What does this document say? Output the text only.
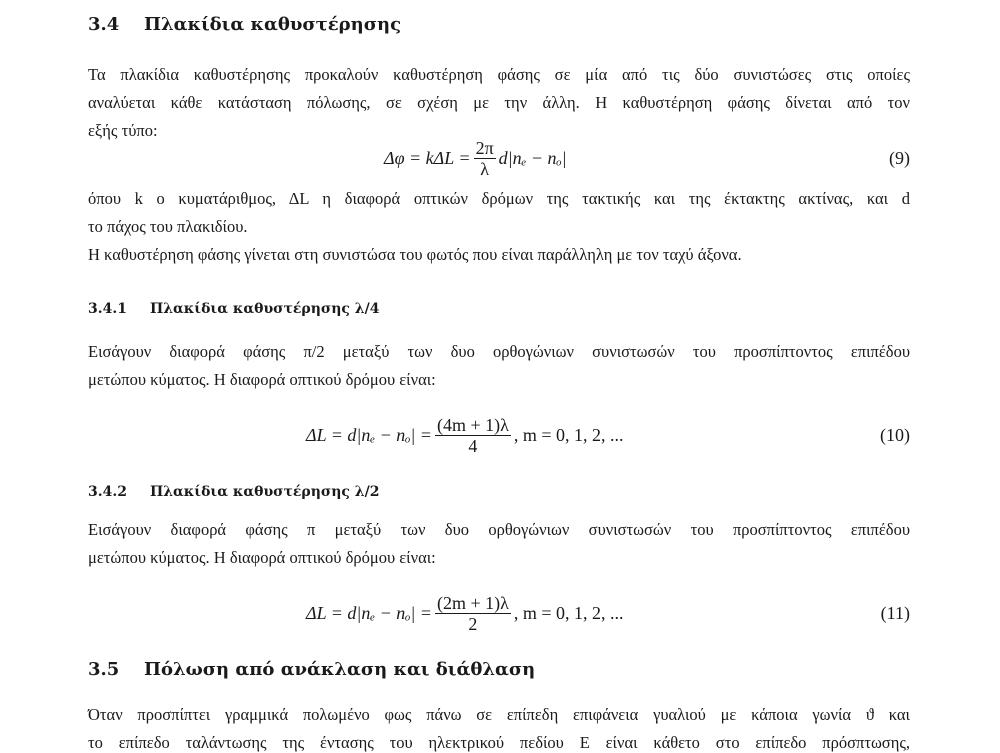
3.4 Πλακίδια καθυστέρησης
Τα πλακίδια καθυστέρησης προκαλούν καθυστέρηση φάσης σε μία από τις δύο συνιστώσες στις οποίες
αναλύεται κάθε κατάσταση πόλωσης, σε σχέση με την άλλη. Η καθυστέρηση φάσης δίνεται από τον
εξής τύπο:
$\Delta\varphi = k\Delta L = \frac{2\pi}{\lambda} d|n_e - n_o|$	(9)
όπου k ο κυματάριθμος, ΔL η διαφορά οπτικών δρόμων της τακτικής και της έκτακτης ακτίνας, και d
το πάχος του πλακιδίου.
Η καθυστέρηση φάσης γίνεται στη συνιστώσα του φωτός που είναι παράλληλη με τον ταχύ άξονα.
3.4.1 Πλακίδια καθυστέρησης λ/4
Εισάγουν διαφορά φάσης π/2 μεταξύ των δυο ορθογώνιων συνιστωσών του προσπίπτοντος επιπέδου
μετώπου κύματος. Η διαφορά οπτικού δρόμου είναι:
$\Delta L = d|n_e - n_o| = \frac{(4m + 1)\lambda}{4}$ , m = 0, 1, 2, ...	(10)
3.4.2 Πλακίδια καθυστέρησης λ/2
Εισάγουν διαφορά φάσης π μεταξύ των δυο ορθογώνιων συνιστωσών του προσπίπτοντος επιπέδου
μετώπου κύματος. Η διαφορά οπτικού δρόμου είναι:
$\Delta L = d|n_e - n_o| = \frac{(2m + 1)\lambda}{2}$ , m = 0, 1, 2, ...	(11)
3.5 Πόλωση από ανάκλαση και διάθλαση
Όταν προσπίπτει γραμμικά πολωμένο φως πάνω σε επίπεδη επιφάνεια γυαλιού με κάποια γωνία ϑ και
το επίπεδο ταλάντωσης της έντασης του ηλεκτρικού πεδίου E είναι κάθετο στο επίπεδο πρόσπτωσης,
